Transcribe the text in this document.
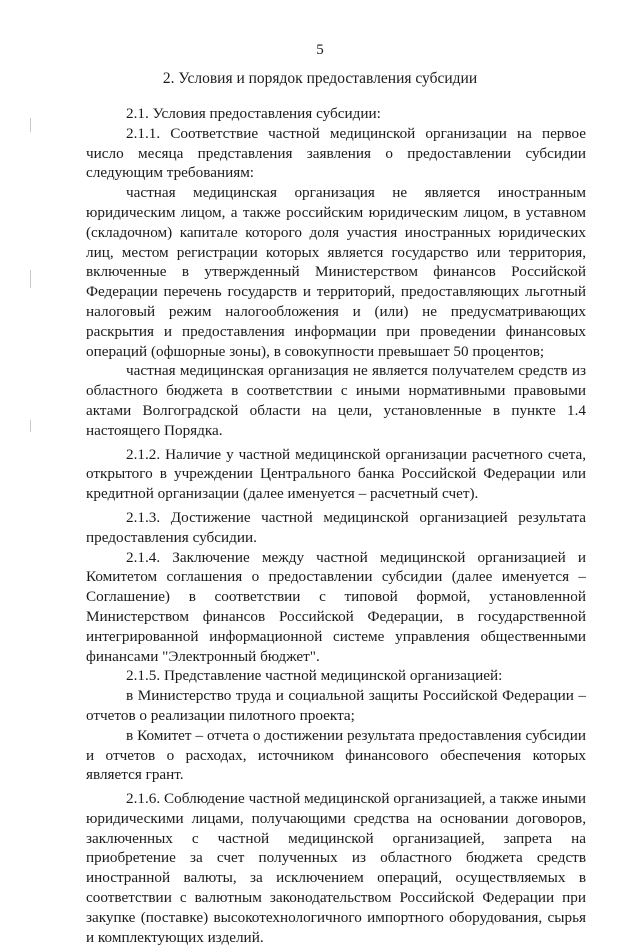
5
2. Условия и порядок предоставления субсидии

2.1. Условия предоставления субсидии:

2.1.1. Соответствие частной медицинской организации на первое число месяца представления заявления о предоставлении субсидии следующим требованиям:

частная медицинская организация не является иностранным юридическим лицом, а также российским юридическим лицом, в уставном (складочном) капитале которого доля участия иностранных юридических лиц, местом регистрации которых является государство или территория, включенные в утвержденный Министерством финансов Российской Федерации перечень государств и территорий, предоставляющих льготный налоговый режим налогообложения и (или) не предусматривающих раскрытия и предоставления информации при проведении финансовых операций (офшорные зоны), в совокупности превышает 50 процентов;

частная медицинская организация не является получателем средств из областного бюджета в соответствии с иными нормативными правовыми актами Волгоградской области на цели, установленные в пункте 1.4 настоящего Порядка.

2.1.2. Наличие у частной медицинской организации расчетного счета, открытого в учреждении Центрального банка Российской Федерации или кредитной организации (далее именуется – расчетный счет).

2.1.3. Достижение частной медицинской организацией результата предоставления субсидии.

2.1.4. Заключение между частной медицинской организацией и Комитетом соглашения о предоставлении субсидии (далее именуется – Соглашение) в соответствии с типовой формой, установленной Министерством финансов Российской Федерации, в государственной интегрированной информационной системе управления общественными финансами "Электронный бюджет".

2.1.5. Представление частной медицинской организацией:

в Министерство труда и социальной защиты Российской Федерации – отчетов о реализации пилотного проекта;

в Комитет – отчета о достижении результата предоставления субсидии и отчетов о расходах, источником финансового обеспечения которых является грант.

2.1.6. Соблюдение частной медицинской организацией, а также иными юридическими лицами, получающими средства на основании договоров, заключенных с частной медицинской организацией, запрета на приобретение за счет полученных из областного бюджета средств иностранной валюты, за исключением операций, осуществляемых в соответствии с валютным законодательством Российской Федерации при закупке (поставке) высокотехнологичного импортного оборудования, сырья и комплектующих изделий.
